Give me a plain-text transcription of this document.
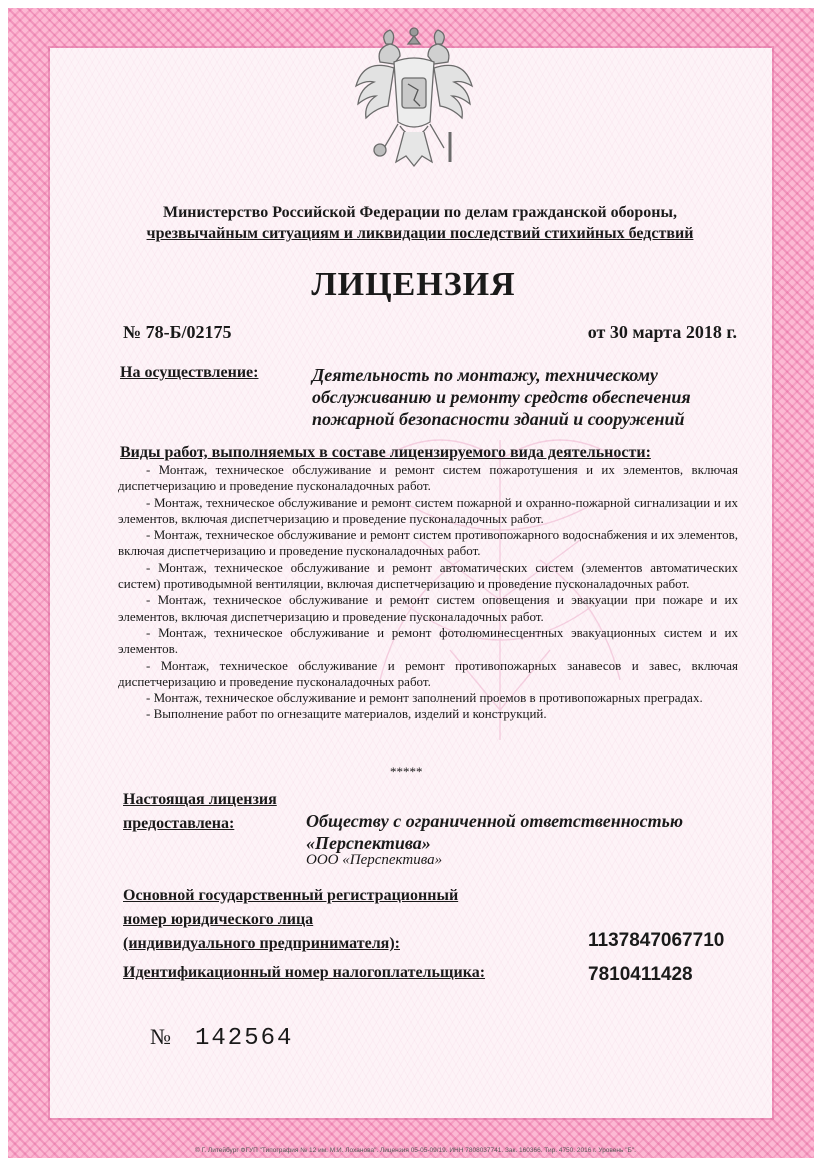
Министерство Российской Федерации по делам гражданской обороны,
чрезвычайным ситуациям и ликвидации последствий стихийных бедствий
ЛИЦЕНЗИЯ
№ 78-Б/02175	от 30 марта 2018 г.
На осуществление:	Деятельность по монтажу, техническому обслуживанию и ремонту средств обеспечения пожарной безопасности зданий и сооружений
Виды работ, выполняемых в составе лицензируемого вида деятельности:
- Монтаж, техническое обслуживание и ремонт систем пожаротушения и их элементов, включая диспетчеризацию и проведение пусконаладочных работ.
- Монтаж, техническое обслуживание и ремонт систем пожарной и охранно-пожарной сигнализации и их элементов, включая диспетчеризацию и проведение пусконаладочных работ.
- Монтаж, техническое обслуживание и ремонт систем противопожарного водоснабжения и их элементов, включая диспетчеризацию и проведение пусконаладочных работ.
- Монтаж, техническое обслуживание и ремонт автоматических систем (элементов автоматических систем) противодымной вентиляции, включая диспетчеризацию и проведение пусконаладочных работ.
- Монтаж, техническое обслуживание и ремонт систем оповещения и эвакуации при пожаре и их элементов, включая диспетчеризацию и проведение пусконаладочных работ.
- Монтаж, техническое обслуживание и ремонт фотолюминесцентных эвакуационных систем и их элементов.
- Монтаж, техническое обслуживание и ремонт противопожарных занавесов и завес, включая диспетчеризацию и проведение пусконаладочных работ.
- Монтаж, техническое обслуживание и ремонт заполнений проемов в противопожарных преградах.
- Выполнение работ по огнезащите материалов, изделий и конструкций.
*****
Настоящая лицензия
предоставлена:	Обществу с ограниченной ответственностью
«Перспектива»
ООО «Перспектива»
Основной государственный регистрационный
номер юридического лица
(индивидуального предпринимателя):	1137847067710
Идентификационный номер налогоплательщика:	7810411428
№ 142564
© Г. Литейбург ФГУП "Типография № 12 им. М.И. Лоханова". Лицензия 05-05-09/19. ИНН 7808037741. Зак. 160366. Тир. 4750. 2016 г. Уровень "Б".
